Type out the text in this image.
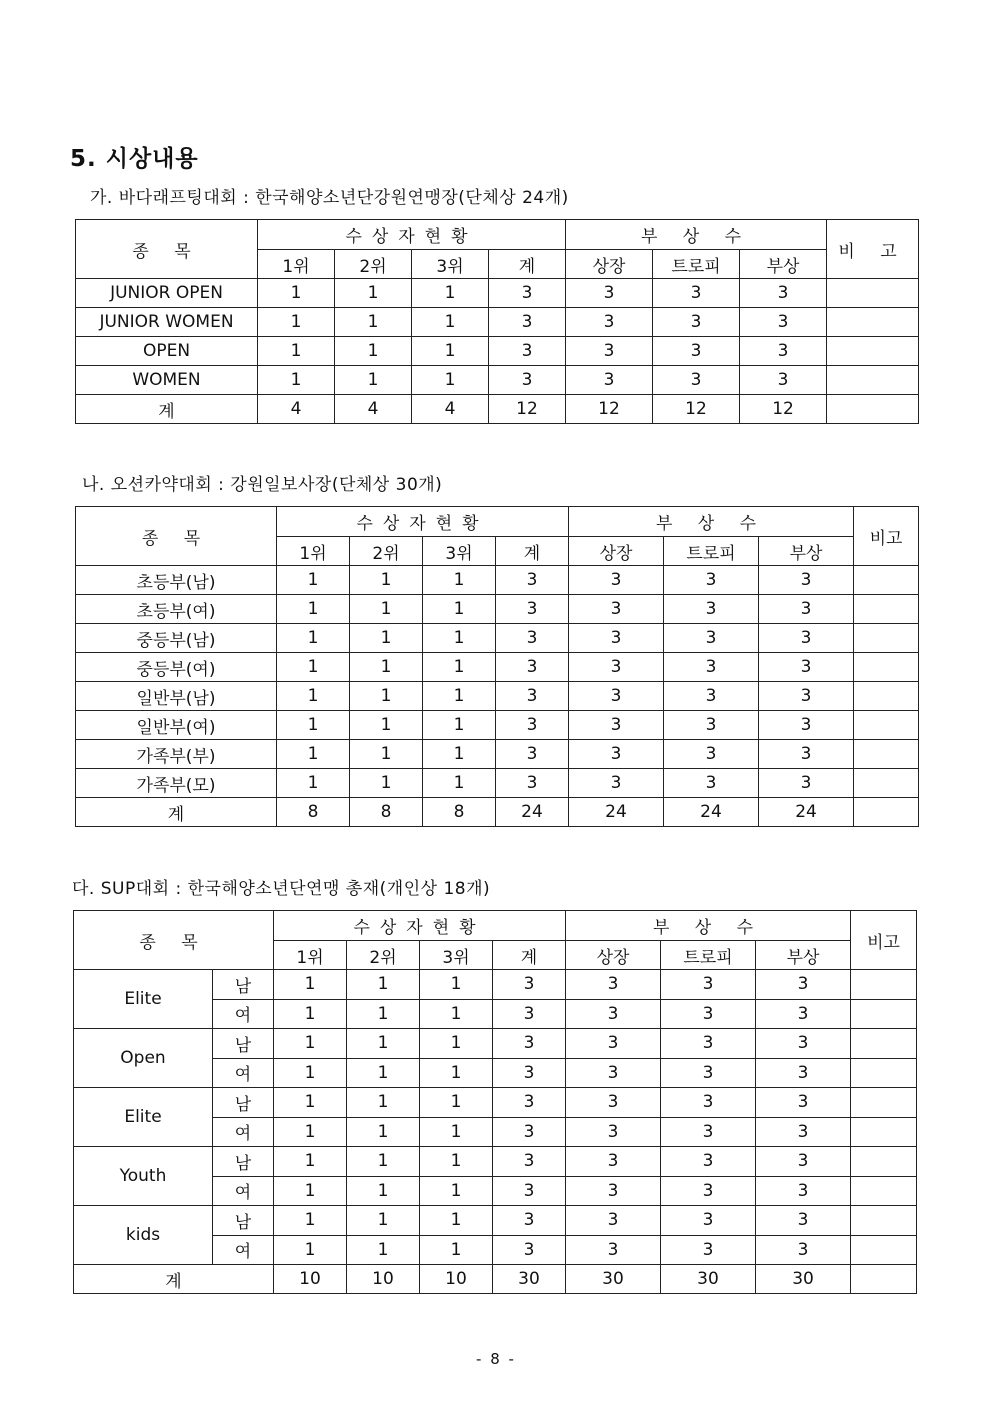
5. 시상내용
가. 바다래프팅대회 : 한국해양소년단강원연맹장(단체상 24개)
종 목	수상자현황				부 상 수			비 고
	1위	2위	3위	계	상장	트로피	부상	
JUNIOR OPEN	1	1	1	3	3	3	3	
JUNIOR WOMEN	1	1	1	3	3	3	3	
OPEN	1	1	1	3	3	3	3	
WOMEN	1	1	1	3	3	3	3	
계	4	4	4	12	12	12	12	
나. 오션카약대회 : 강원일보사장(단체상 30개)
종 목	수상자현황				부 상 수			비고
	1위	2위	3위	계	상장	트로피	부상	
초등부(남)	1	1	1	3	3	3	3	
초등부(여)	1	1	1	3	3	3	3	
중등부(남)	1	1	1	3	3	3	3	
중등부(여)	1	1	1	3	3	3	3	
일반부(남)	1	1	1	3	3	3	3	
일반부(여)	1	1	1	3	3	3	3	
가족부(부)	1	1	1	3	3	3	3	
가족부(모)	1	1	1	3	3	3	3	
계	8	8	8	24	24	24	24	
다. SUP대회 : 한국해양소년단연맹 총재(개인상 18개)
종 목		수상자현황				부 상 수			비고
		1위	2위	3위	계	상장	트로피	부상	
Elite	남	1	1	1	3	3	3	3	
	여	1	1	1	3	3	3	3	
Open	남	1	1	1	3	3	3	3	
	여	1	1	1	3	3	3	3	
Elite	남	1	1	1	3	3	3	3	
	여	1	1	1	3	3	3	3	
Youth	남	1	1	1	3	3	3	3	
	여	1	1	1	3	3	3	3	
kids	남	1	1	1	3	3	3	3	
	여	1	1	1	3	3	3	3	
계		10	10	10	30	30	30	30	
- 8 -
